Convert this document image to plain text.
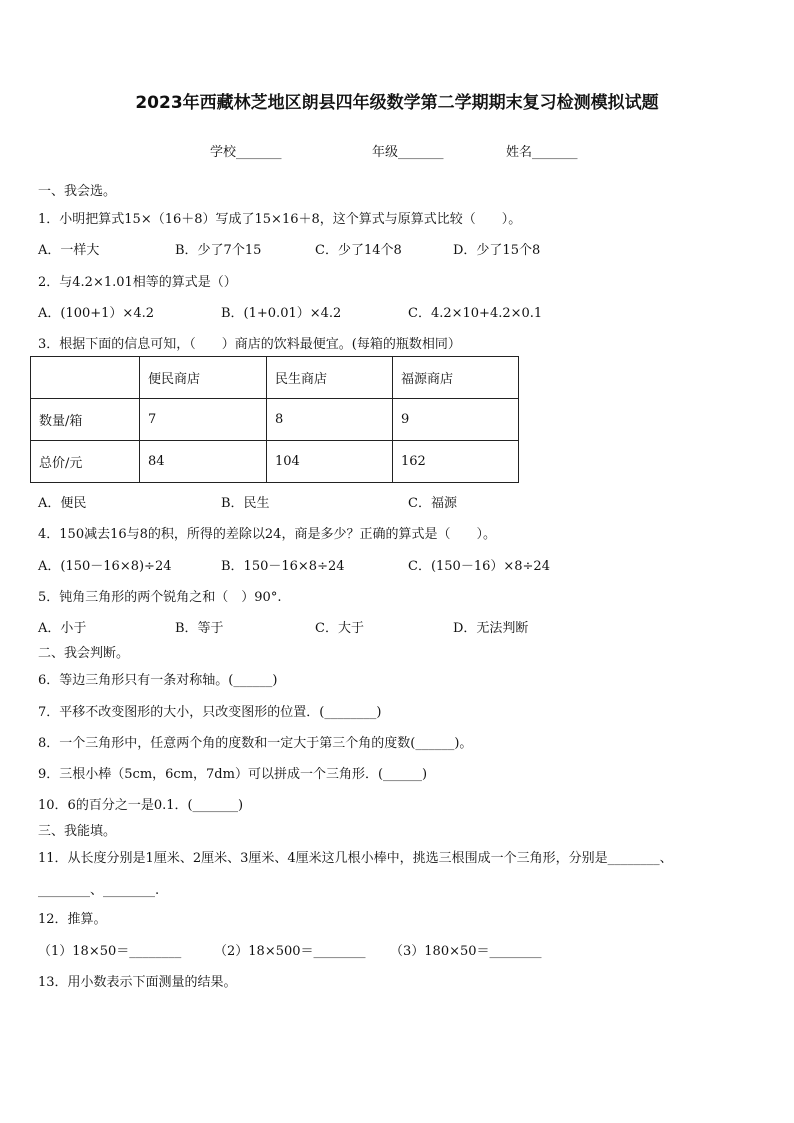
2023年西藏林芝地区朗县四年级数学第二学期期末复习检测模拟试题
学校_______	年级_______	姓名_______
一、我会选。
1．小明把算式15×（16＋8）写成了15×16＋8，这个算式与原算式比较（　　）。
A．一样大	B．少了7个15	C．少了14个8	D．少了15个8
2．与4.2×1.01相等的算式是（）
A．(100+1）×4.2	B．(1+0.01）×4.2	C．4.2×10+4.2×0.1
3．根据下面的信息可知，（　　）商店的饮料最便宜。(每箱的瓶数相同）
	便民商店	民生商店	福源商店
数量/箱	7	8	9
总价/元	84	104	162
A．便民	B．民生	C．福源
4．150减去16与8的积，所得的差除以24，商是多少？正确的算式是（　　）。
A．(150－16×8)÷24	B．150－16×8÷24	C．(150－16）×8÷24
5．钝角三角形的两个锐角之和（　）90°.
A．小于	B．等于	C．大于	D．无法判断
二、我会判断。
6．等边三角形只有一条对称轴。(______)
7．平移不改变图形的大小，只改变图形的位置．(________)
8．一个三角形中，任意两个角的度数和一定大于第三个角的度数(______)。
9．三根小棒（5cm，6cm，7dm）可以拼成一个三角形．(______)
10．6的百分之一是0.1．(_______)
三、我能填。
11．从长度分别是1厘米、2厘米、3厘米、4厘米这几根小棒中，挑选三根围成一个三角形，分别是________、
________、________.
12．推算。
（1）18×50＝________	（2）18×500＝________ （3）180×50＝________
13．用小数表示下面测量的结果。
